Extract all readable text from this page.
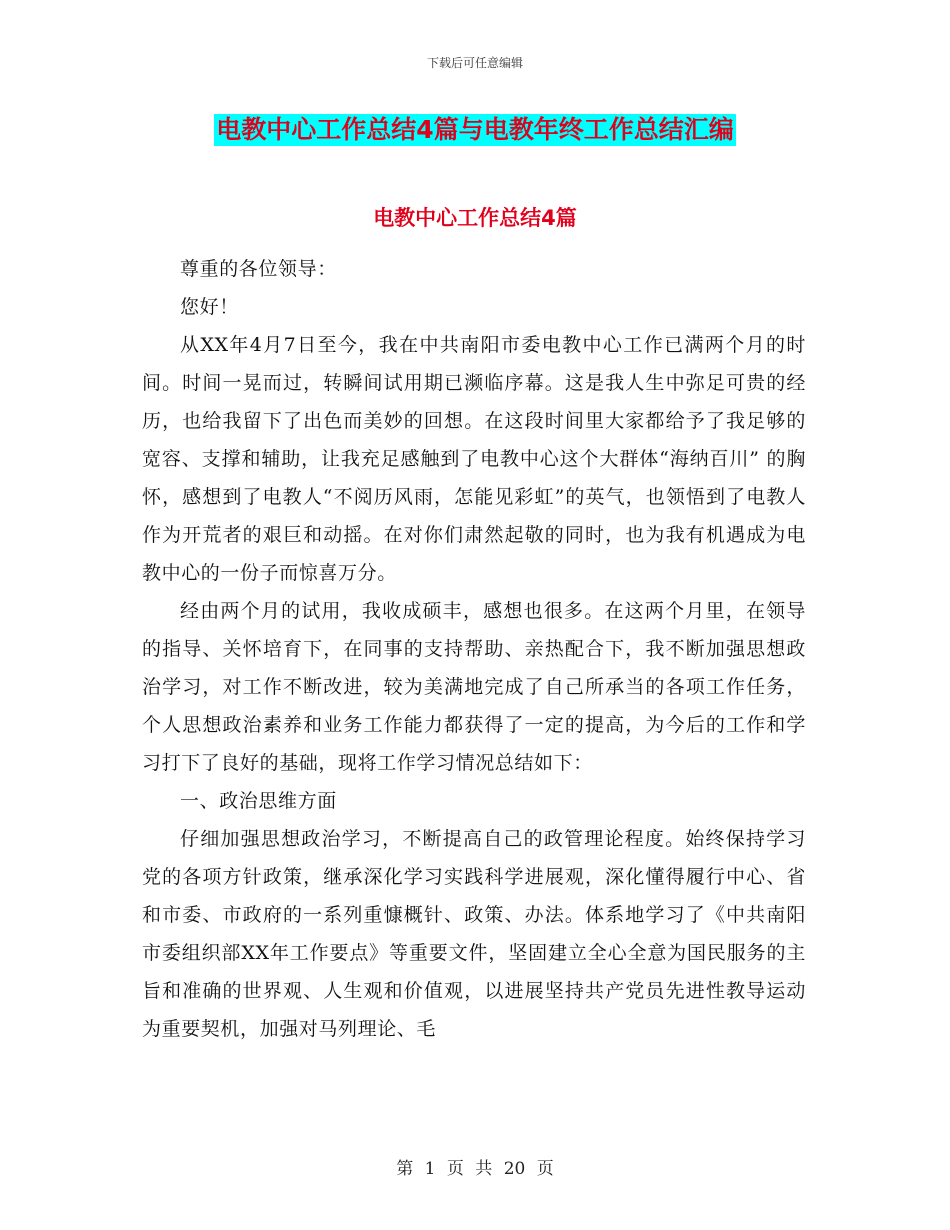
下载后可任意编辑
电教中心工作总结4篇与电教年终工作总结汇编
电教中心工作总结4篇

尊重的各位领导：

您好！

从XX年4月7日至今，我在中共南阳市委电教中心工作已满两个月的时间。时间一晃而过，转瞬间试用期已濒临序幕。这是我人生中弥足可贵的经历，也给我留下了出色而美妙的回想。在这段时间里大家都给予了我足够的宽容、支撑和辅助，让我充足感触到了电教中心这个大群体“海纳百川” 的胸怀，感想到了电教人“不阅历风雨，怎能见彩虹”的英气，也领悟到了电教人作为开荒者的艰巨和动摇。在对你们肃然起敬的同时，也为我有机遇成为电教中心的一份子而惊喜万分。

经由两个月的试用，我收成硕丰，感想也很多。在这两个月里，在领导的指导、关怀培育下，在同事的支持帮助、亲热配合下，我不断加强思想政治学习，对工作不断改进，较为美满地完成了自己所承当的各项工作任务，个人思想政治素养和业务工作能力都获得了一定的提高，为今后的工作和学习打下了良好的基础，现将工作学习情况总结如下：

一、政治思维方面

仔细加强思想政治学习，不断提高自己的政管理论程度。始终保持学习党的各项方针政策，继承深化学习实践科学进展观，深化懂得履行中心、省和市委、市政府的一系列重慷概针、政策、办法。体系地学习了《中共南阳市委组织部XX年工作要点》等重要文件，坚固建立全心全意为国民服务的主旨和准确的世界观、人生观和价值观，以进展坚持共产党员先进性教导运动为重要契机，加强对马列理论、毛

第 1 页 共 20 页
